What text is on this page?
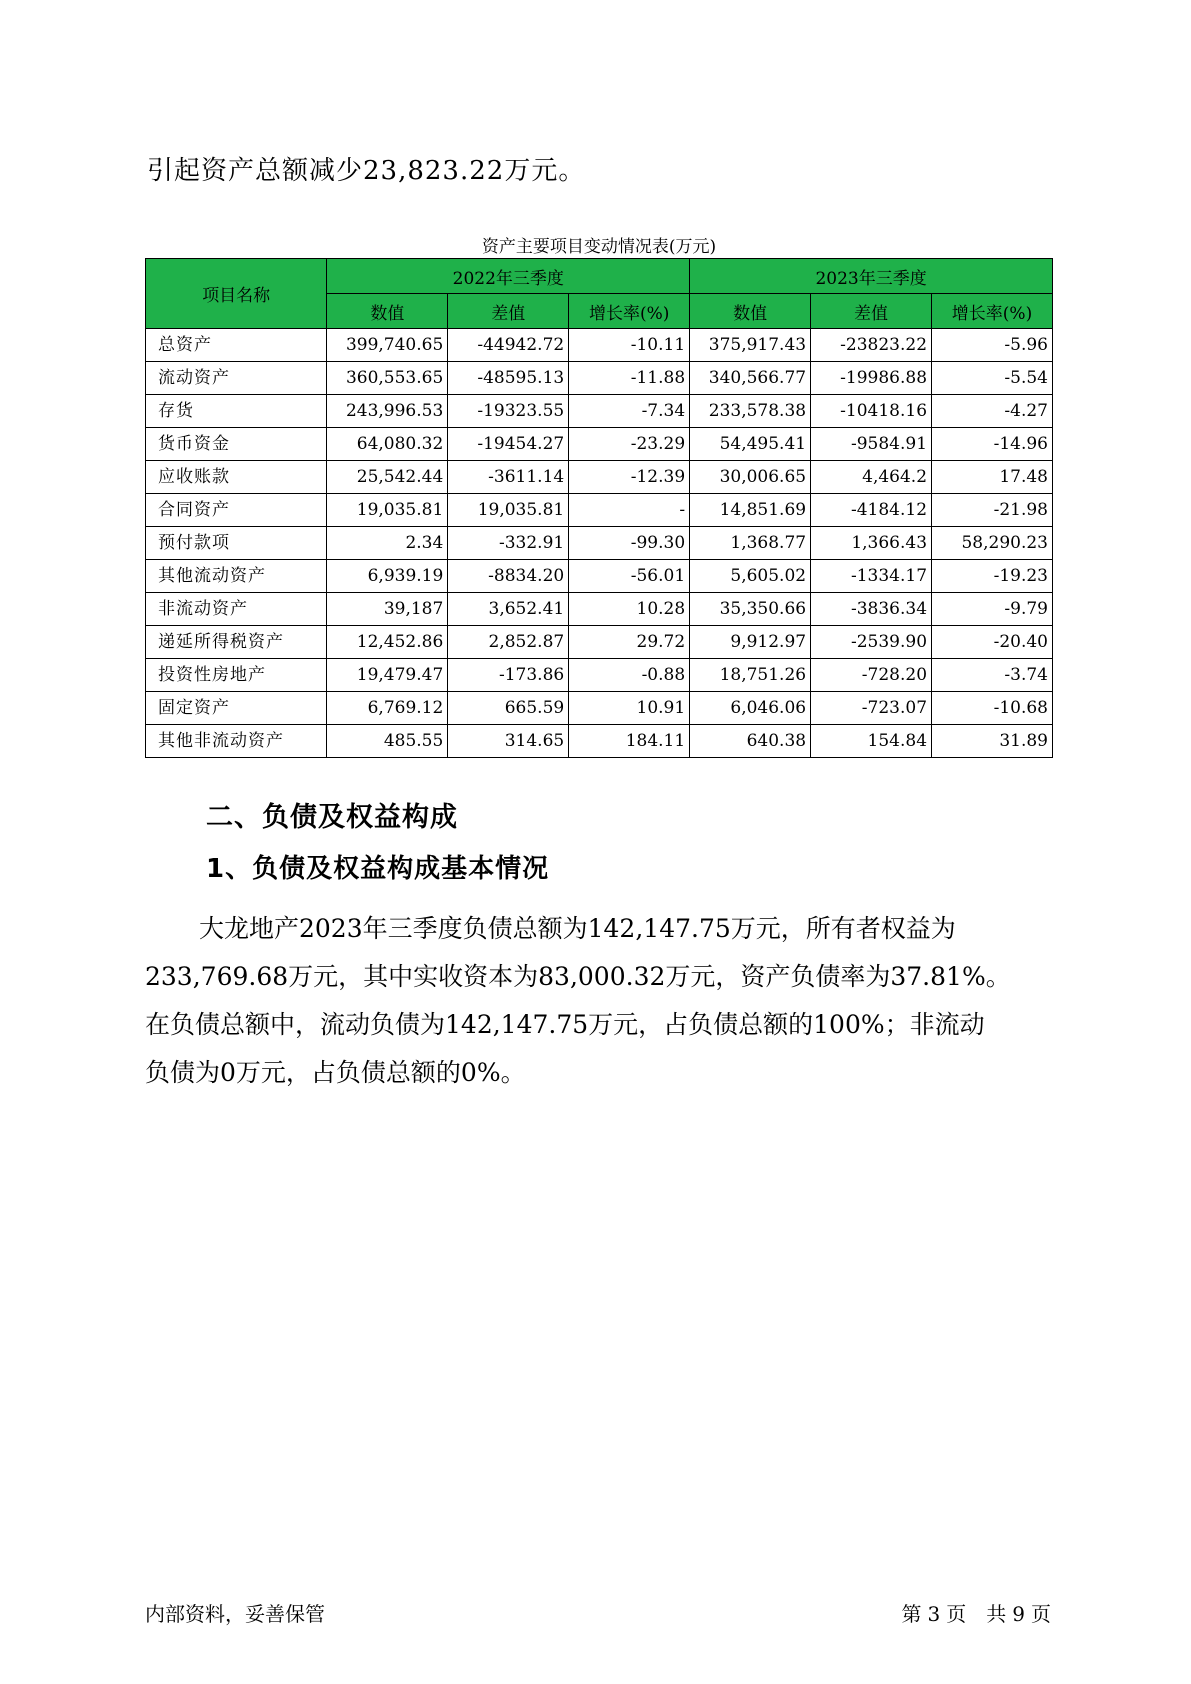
引起资产总额减少23,823.22万元。
资产主要项目变动情况表(万元)
项目名称	2022年三季度			2023年三季度		
	数值	差值	增长率(%)	数值	差值	增长率(%)
总资产	399,740.65	-44942.72	-10.11	375,917.43	-23823.22	-5.96
流动资产	360,553.65	-48595.13	-11.88	340,566.77	-19986.88	-5.54
存货	243,996.53	-19323.55	-7.34	233,578.38	-10418.16	-4.27
货币资金	64,080.32	-19454.27	-23.29	54,495.41	-9584.91	-14.96
应收账款	25,542.44	-3611.14	-12.39	30,006.65	4,464.2	17.48
合同资产	19,035.81	19,035.81	-	14,851.69	-4184.12	-21.98
预付款项	2.34	-332.91	-99.30	1,368.77	1,366.43	58,290.23
其他流动资产	6,939.19	-8834.20	-56.01	5,605.02	-1334.17	-19.23
非流动资产	39,187	3,652.41	10.28	35,350.66	-3836.34	-9.79
递延所得税资产	12,452.86	2,852.87	29.72	9,912.97	-2539.90	-20.40
投资性房地产	19,479.47	-173.86	-0.88	18,751.26	-728.20	-3.74
固定资产	6,769.12	665.59	10.91	6,046.06	-723.07	-10.68
其他非流动资产	485.55	314.65	184.11	640.38	154.84	31.89
二、负债及权益构成
1、负债及权益构成基本情况
大龙地产2023年三季度负债总额为142,147.75万元，所有者权益为
233,769.68万元，其中实收资本为83,000.32万元，资产负债率为37.81%。
在负债总额中，流动负债为142,147.75万元，占负债总额的100%；非流动
负债为0万元，占负债总额的0%。
内部资料，妥善保管	第 3 页　共 9 页
